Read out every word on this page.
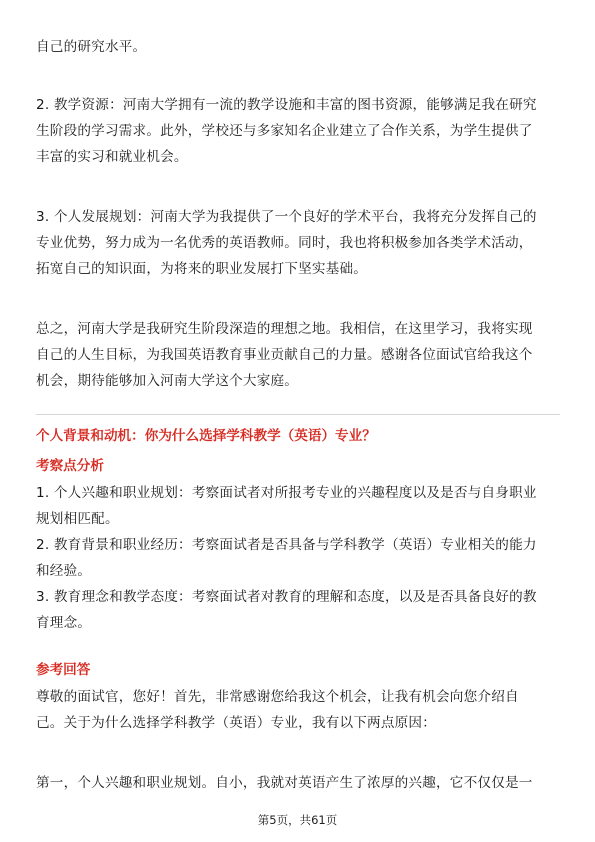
自己的研究水平。
2. 教学资源：河南大学拥有一流的教学设施和丰富的图书资源，能够满足我在研究
生阶段的学习需求。此外，学校还与多家知名企业建立了合作关系，为学生提供了
丰富的实习和就业机会。
3. 个人发展规划：河南大学为我提供了一个良好的学术平台，我将充分发挥自己的
专业优势，努力成为一名优秀的英语教师。同时，我也将积极参加各类学术活动，
拓宽自己的知识面，为将来的职业发展打下坚实基础。
总之，河南大学是我研究生阶段深造的理想之地。我相信，在这里学习，我将实现
自己的人生目标，为我国英语教育事业贡献自己的力量。感谢各位面试官给我这个
机会，期待能够加入河南大学这个大家庭。
个人背景和动机：你为什么选择学科教学（英语）专业？
考察点分析
1. 个人兴趣和职业规划：考察面试者对所报考专业的兴趣程度以及是否与自身职业
规划相匹配。
2. 教育背景和职业经历：考察面试者是否具备与学科教学（英语）专业相关的能力
和经验。
3. 教育理念和教学态度：考察面试者对教育的理解和态度，以及是否具备良好的教
育理念。
参考回答
尊敬的面试官，您好！首先，非常感谢您给我这个机会，让我有机会向您介绍自
己。关于为什么选择学科教学（英语）专业，我有以下两点原因：
第一，个人兴趣和职业规划。自小，我就对英语产生了浓厚的兴趣，它不仅仅是一
第5页，共61页
